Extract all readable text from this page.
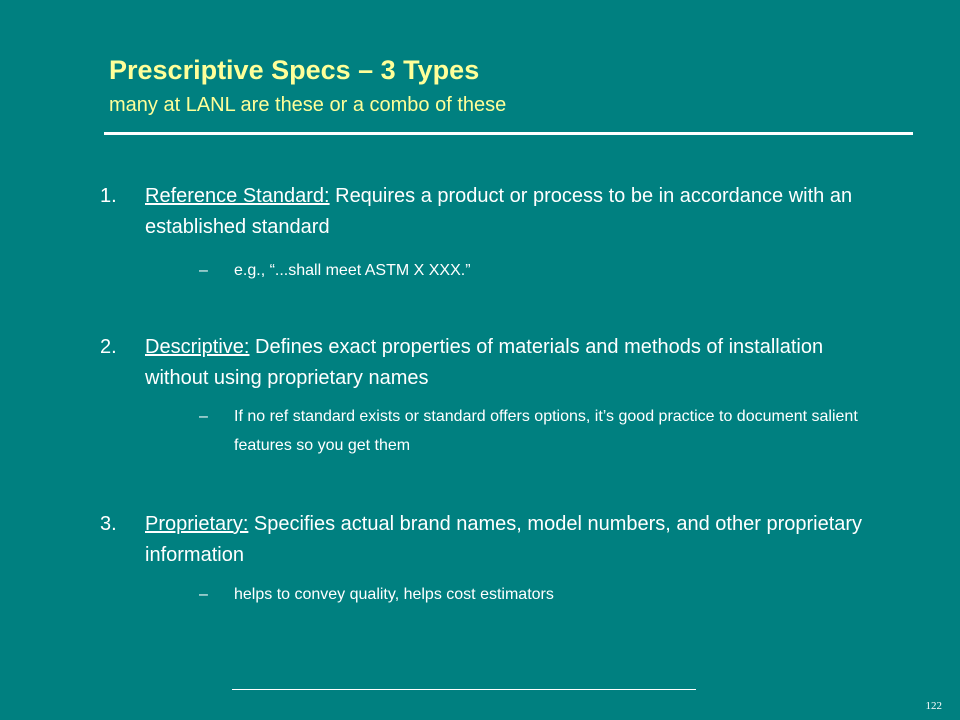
Prescriptive Specs – 3 Types
many at LANL are these or a combo of these
1. Reference Standard: Requires a product or process to be in accordance with an established standard
– e.g., “...shall meet ASTM X XXX.”
2. Descriptive: Defines exact properties of materials and methods of installation without using proprietary names
– If no ref standard exists or standard offers options, it’s good practice to document salient features so you get them
3. Proprietary: Specifies actual brand names, model numbers, and other proprietary information
– helps to convey quality, helps cost estimators
122
